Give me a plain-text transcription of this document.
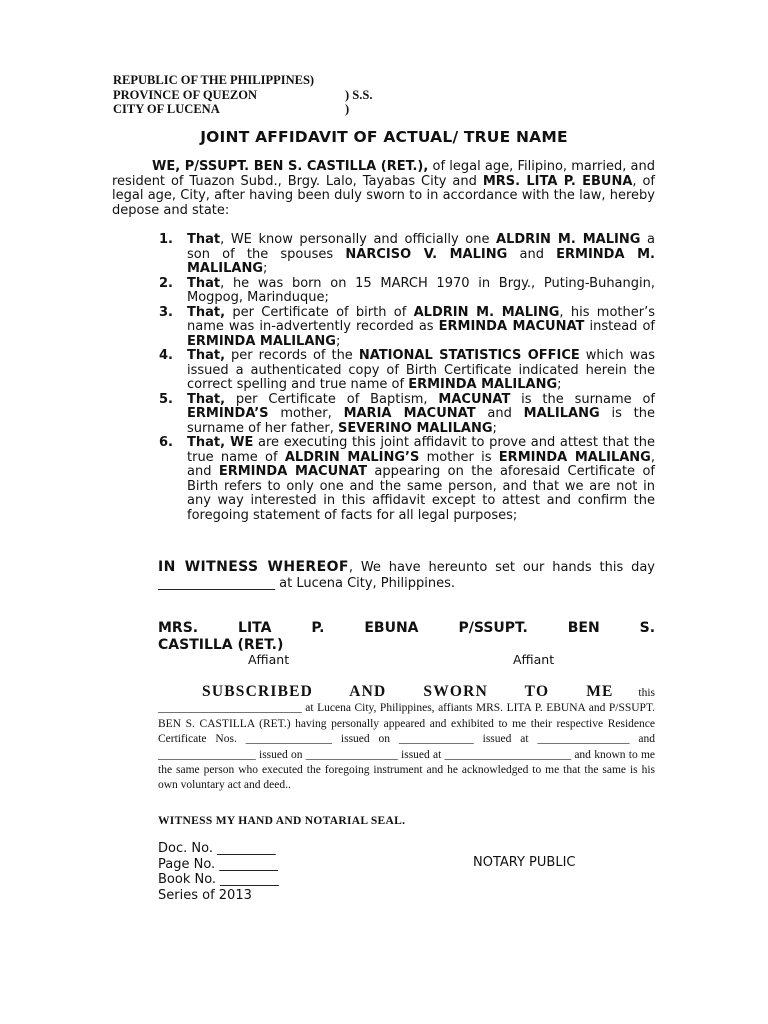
REPUBLIC OF THE PHILIPPINES)
PROVINCE OF QUEZON	) S.S.
CITY OF LUCENA	)
JOINT AFFIDAVIT OF ACTUAL/ TRUE NAME

WE, P/SSUPT. BEN S. CASTILLA (RET.), of legal age, Filipino, married, and resident of Tuazon Subd., Brgy. Lalo, Tayabas City and MRS. LITA P. EBUNA, of legal age, City, after having been duly sworn to in accordance with the law, hereby depose and state:

1. That, WE know personally and officially one ALDRIN M. MALING a son of the spouses NARCISO V. MALING and ERMINDA M. MALILANG;
2. That, he was born on 15 MARCH 1970 in Brgy., Puting-Buhangin, Mogpog, Marinduque;
3. That, per Certificate of birth of ALDRIN M. MALING, his mother’s name was in-advertently recorded as ERMINDA MACUNAT instead of ERMINDA MALILANG;
4. That, per records of the NATIONAL STATISTICS OFFICE which was issued a authenticated copy of Birth Certificate indicated herein the correct spelling and true name of ERMINDA MALILANG;
5. That, per Certificate of Baptism, MACUNAT is the surname of ERMINDA’S mother, MARIA MACUNAT and MALILANG is the surname of her father, SEVERINO MALILANG;
6. That, WE are executing this joint affidavit to prove and attest that the true name of ALDRIN MALING’S mother is ERMINDA MALILANG, and ERMINDA MACUNAT appearing on the aforesaid Certificate of Birth refers to only one and the same person, and that we are not in any way interested in this affidavit except to attest and confirm the foregoing statement of facts for all legal purposes;
IN WITNESS WHEREOF, We have hereunto set our hands this day __________________ at Lucena City, Philippines.
MRS. LITA P. EBUNA	P/SSUPT.	BEN	S.
CASTILLA (RET.)
Affiant	Affiant
SUBSCRIBED AND SWORN TO ME this _________________________ at Lucena City, Philippines, affiants MRS. LITA P. EBUNA and P/SSUPT. BEN S. CASTILLA (RET.) having personally appeared and exhibited to me their respective Residence Certificate Nos. _______________ issued on _____________ issued at ________________ and _________________ issued on ________________ issued at ______________________ and known to me the same person who executed the foregoing instrument and he acknowledged to me that the same is his own voluntary act and deed..
WITNESS MY HAND AND NOTARIAL SEAL.
Doc. No. _________
Page No. _________
Book No. _________
Series of 2013
NOTARY PUBLIC
